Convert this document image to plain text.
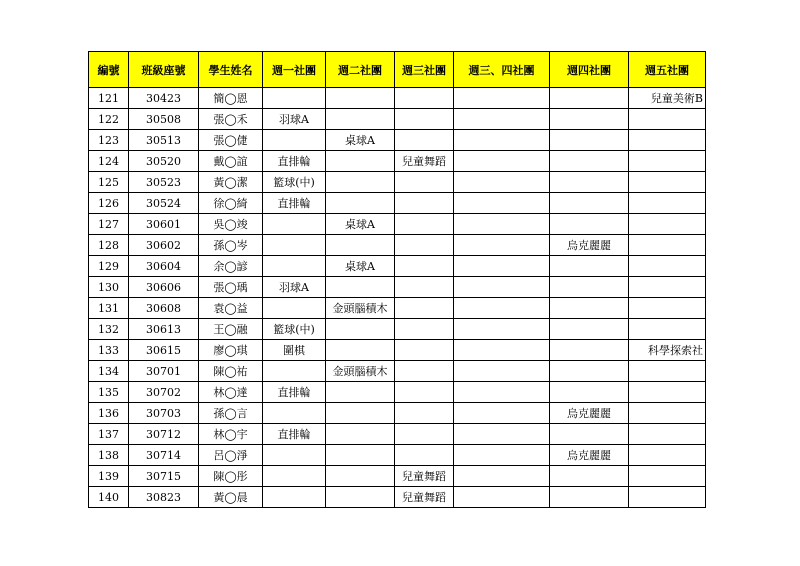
編號	班級座號	學生姓名	週一社團	週二社團	週三社團	週三、四社團	週四社團	週五社團
121	30423	簡◯恩						兒童美術B
122	30508	張◯禾	羽球A					
123	30513	張◯倢		桌球A				
124	30520	戴◯誼	直排輪		兒童舞蹈			
125	30523	黃◯潔	籃球(中)					
126	30524	徐◯綺	直排輪					
127	30601	吳◯竣		桌球A				
128	30602	孫◯岑					烏克麗麗	
129	30604	余◯諺		桌球A				
130	30606	張◯瑀	羽球A					
131	30608	袁◯益		金頭腦積木				
132	30613	王◯融	籃球(中)					
133	30615	廖◯琪	圍棋					科學探索社
134	30701	陳◯祐		金頭腦積木				
135	30702	林◯達	直排輪					
136	30703	孫◯言					烏克麗麗	
137	30712	林◯宇	直排輪					
138	30714	呂◯淨					烏克麗麗	
139	30715	陳◯彤			兒童舞蹈			
140	30823	黃◯晨			兒童舞蹈			
